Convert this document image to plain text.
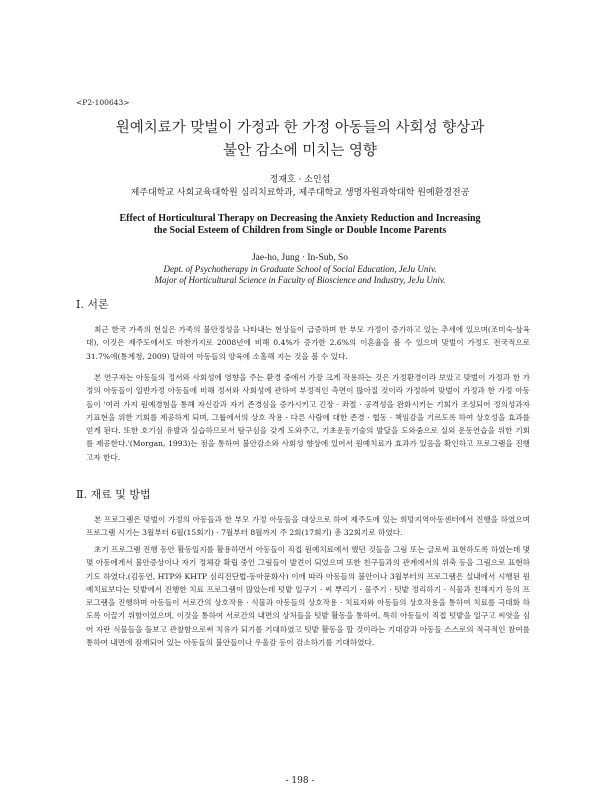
<P2-100643>
원예치료가 맞벌이 가정과 한 가정 아동들의 사회성 향상과
불안 감소에 미치는 영향
정재호 · 소인섭
제주대학교 사회교육대학원 심리치료학과, 제주대학교 생명자원과학대학 원예환경전공
Effect of Horticultural Therapy on Decreasing the Anxiety Reduction and Increasing
the Social Esteem of Children from Single or Double Income Parents
Jae-ho, Jung · In-Sub, So
Dept. of Psychotherapy in Graduate School of Social Education, JeJu Univ.
Major of Horticultural Science in Faculty of Bioscience and Industry, JeJu Univ.
Ⅰ. 서론

최근 한국 가족의 현실은 가족의 불안정성을 나타내는 현상들이 급증하며 한 부모 가정이 증가하고 있는 추세에 있으며(조미숙·삼육대), 이것은 제주도에서도 마찬가지로 2008년에 비해 0.4%가 증가한 2.6%의 이혼율을 볼 수 있으며 맞벌이 가정도 전국적으로 31.7%에(통계청, 2009) 달하여 아동들의 양육에 소홀해 지는 것을 볼 수 있다.

본 연구자는 아동들의 정서와 사회성에 영향을 주는 환경 중에서 가장 크게 작용하는 것은 가정환경이라 보았고 맞벌이 가정과 한 가정의 아동들이 일반가정 아동들에 비해 정서와 사회성에 관하여 부정적인 측면이 많아질 것이라 가정하여 맞벌이 가정과 한 가정 아동들이 '여러 가지 원예경험을 통해 자신감과 자기 존경심을 증가시키고 긴장 · 좌절 · 공격성을 완화시키는 기회가 조성되어 정의성과자기표현을 위한 기회를 제공하게 되며, 그룹에서의 상호 작용 · 다른 사람에 대한 존경 · 협동 · 책임감을 기르도록 하여 상호성을 효과를 얻게 된다. 또한 호기심 유발과 실습하므로서 탐구심을 갖게 도와주고, 기초운동기술의 발달을 도와줌으로 실외 운동연습을 위한 기회를 제공한다.'(Morgan, 1993)는 점을 통하여 불안감소와 사회성 향상에 있어서 원예치료가 효과가 있음을 확인하고 프로그램을 진행고자 한다.

Ⅱ. 재료 및 방법

본 프로그램은 맞벌이 가정의 아동들과 한 부모 가정 아동들을 대상으로 하여 제주도에 있는 희망지역아동센터에서 진행을 하였으며 프로그램 시기는 3월부터 6월(15회기) · 7월부터 8월까지 주 2회(17회기) 총 32회기로 하였다.

초기 프로그램 진행 동안 활동일지를 활용하면서 아동들이 직접 원예치료에서 했던 것들을 그림 또는 글로써 표현하도록 하였는데 몇몇 아동에게서 불안증상이나 자기 정체감 확립 중인 그림들이 발견이 되었으며 또한 친구들과의 관계에서의 위축 등을 그림으로 표현하기도 하였다.(김동연, HTP와 KHTP 심리진단법-동아문화사) 이에 따라 아동들의 불안이나 3월부터의 프로그램은 실내에서 시행된 원예치료보다는 텃밭에서 진행한 치료 프로그램이 많았는데 텃밭 일구기 · 씨 뿌리기 · 물주기 · 텃밭 정리하기 · 식물과 친해지기 등의 프로그램을 진행하며 아동들이 서로간의 상호작용 · 식물과 아동들의 상호작용 · 치료자와 아동들의 상호작용을 통하여 치료를 극대화 하도록 이끌기 위함이었으며, 이것을 통하여 서로간의 내면의 상처들을 텃밭 활동을 통하여, 특히 아동들이 직접 텃밭을 일구고 씨앗을 심어 자란 식물들을 돌보고 관찰함으로써 치유가 되기를 기대하였고 텃밭 활동을 할 것이라는 기대감과 아동들 스스로의 적극적인 참여를 통하여 내면에 잠재되어 있는 아동들의 불안들이나 우울감 등이 감소하기를 기대하였다.

- 198 -
